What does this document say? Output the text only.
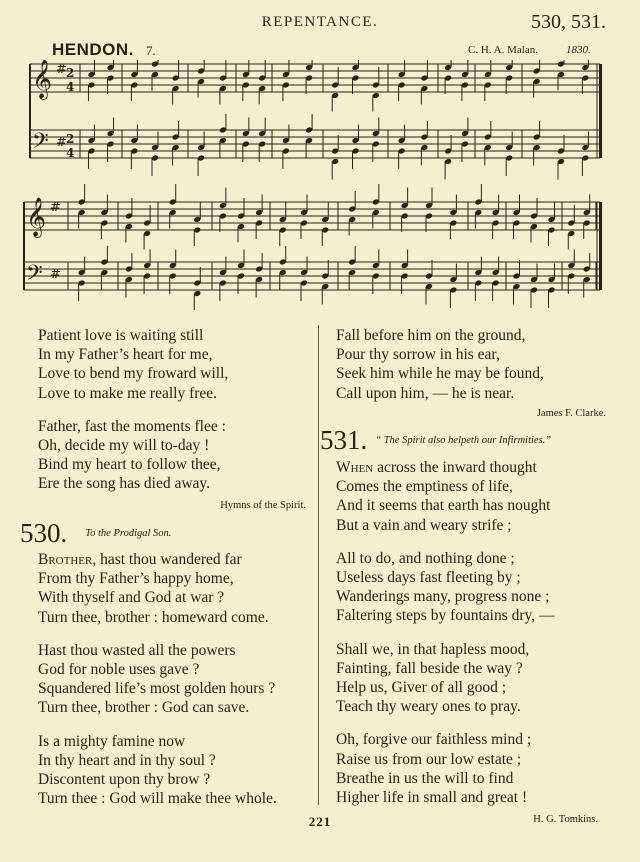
REPENTANCE.	530, 531.
HENDON. 7.	C. H. A. Malan.	1830.
𝄞 # 2
4
𝄢 # 2
4
𝄞 #
𝄢 #
Patient love is waiting still
In my Father’s heart for me,
Love to bend my froward will,
Love to make me really free.
Father, fast the moments flee :
Oh, decide my will to-day !
Bind my heart to follow thee,
Ere the song has died away.
Hymns of the Spirit.
530. $^{To the Prodigal Son.}$
Brother, hast thou wandered far
From thy Father’s happy home,
With thyself and God at war ?
Turn thee, brother : homeward come.
Hast thou wasted all the powers
God for noble uses gave ?
Squandered life’s most golden hours ?
Turn thee, brother : God can save.
Is a mighty famine now
In thy heart and in thy soul ?
Discontent upon thy brow ?
Turn thee : God will make thee whole.
Fall before him on the ground,
Pour thy sorrow in his ear,
Seek him while he may be found,
Call upon him, — he is near.
James F. Clarke.
531. $^{“ The Spirit also helpeth our Infirmities.”}$
When across the inward thought
Comes the emptiness of life,
And it seems that earth has nought
But a vain and weary strife ;
All to do, and nothing done ;
Useless days fast fleeting by ;
Wanderings many, progress none ;
Faltering steps by fountains dry, —
Shall we, in that hapless mood,
Fainting, fall beside the way ?
Help us, Giver of all good ;
Teach thy weary ones to pray.
Oh, forgive our faithless mind ;
Raise us from our low estate ;
Breathe in us the will to find
Higher life in small and great !
H. G. Tomkins.
221
